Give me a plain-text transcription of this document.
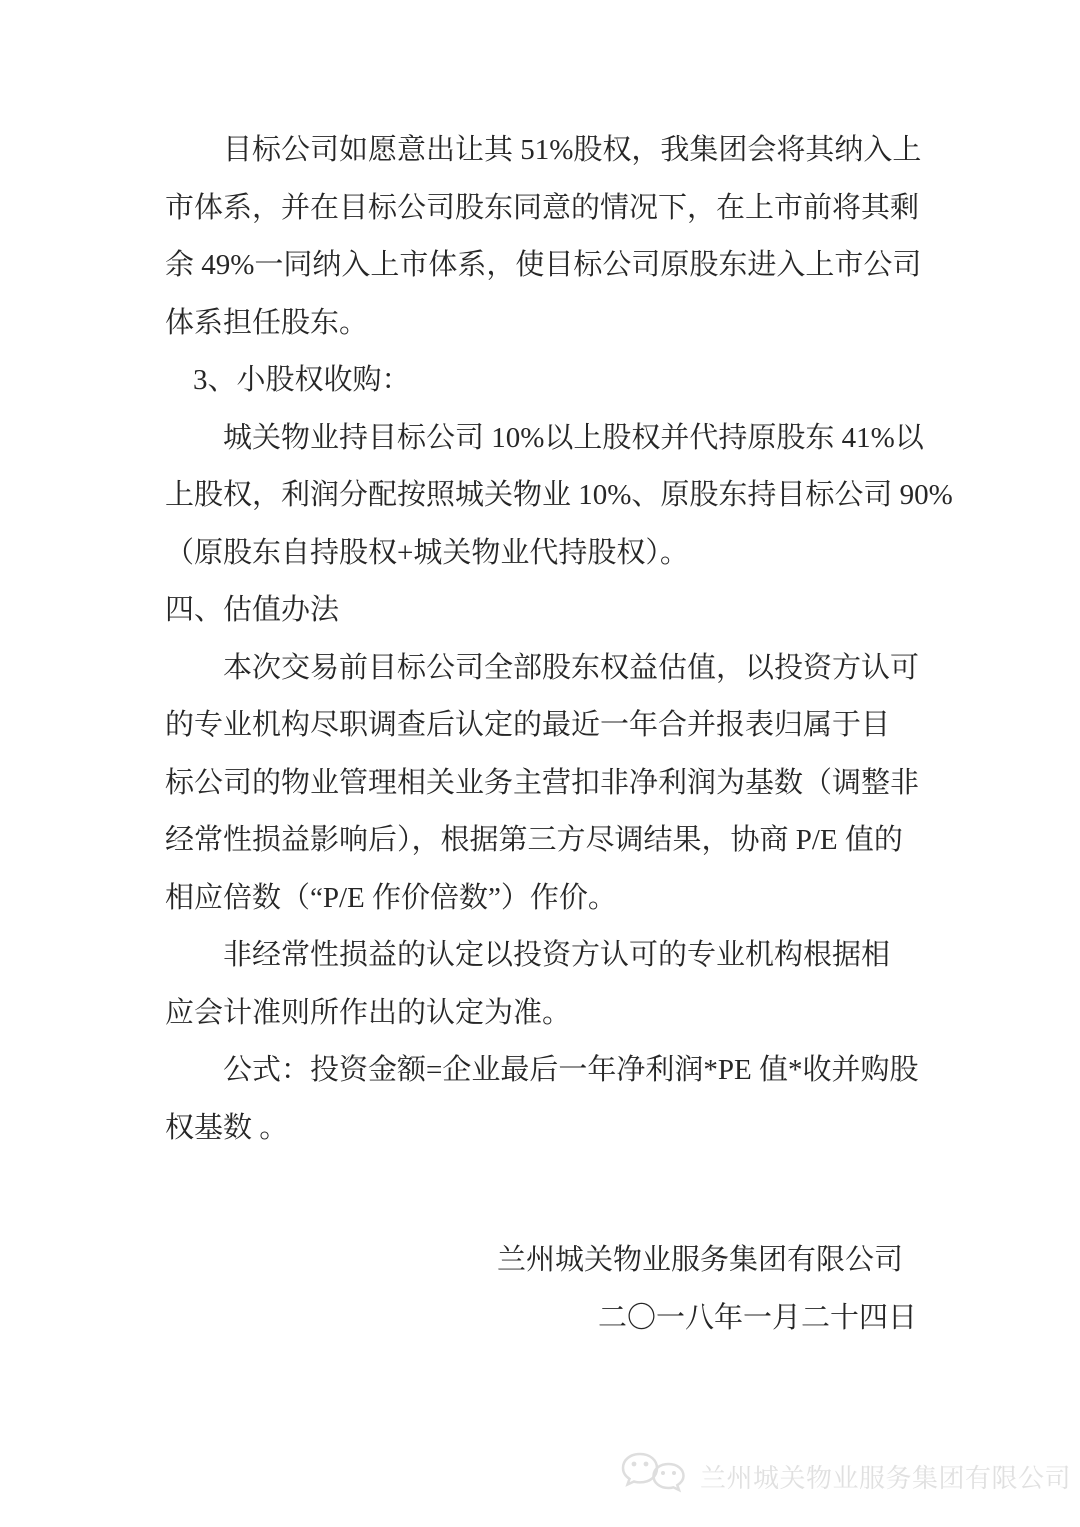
目标公司如愿意出让其 51%股权，我集团会将其纳入上
市体系，并在目标公司股东同意的情况下，在上市前将其剩
余 49%一同纳入上市体系，使目标公司原股东进入上市公司
体系担任股东。
3、小股权收购：
城关物业持目标公司 10%以上股权并代持原股东 41%以
上股权，利润分配按照城关物业 10%、原股东持目标公司 90%
（原股东自持股权+城关物业代持股权）。
四、估值办法
本次交易前目标公司全部股东权益估值，以投资方认可
的专业机构尽职调查后认定的最近一年合并报表归属于目
标公司的物业管理相关业务主营扣非净利润为基数（调整非
经常性损益影响后），根据第三方尽调结果，协商 P/E 值的
相应倍数（“P/E 作价倍数”）作价。
非经常性损益的认定以投资方认可的专业机构根据相
应会计准则所作出的认定为准。
公式：投资金额=企业最后一年净利润*PE 值*收并购股
权基数 。
兰州城关物业服务集团有限公司
二〇一八年一月二十四日
兰州城关物业服务集团有限公司
